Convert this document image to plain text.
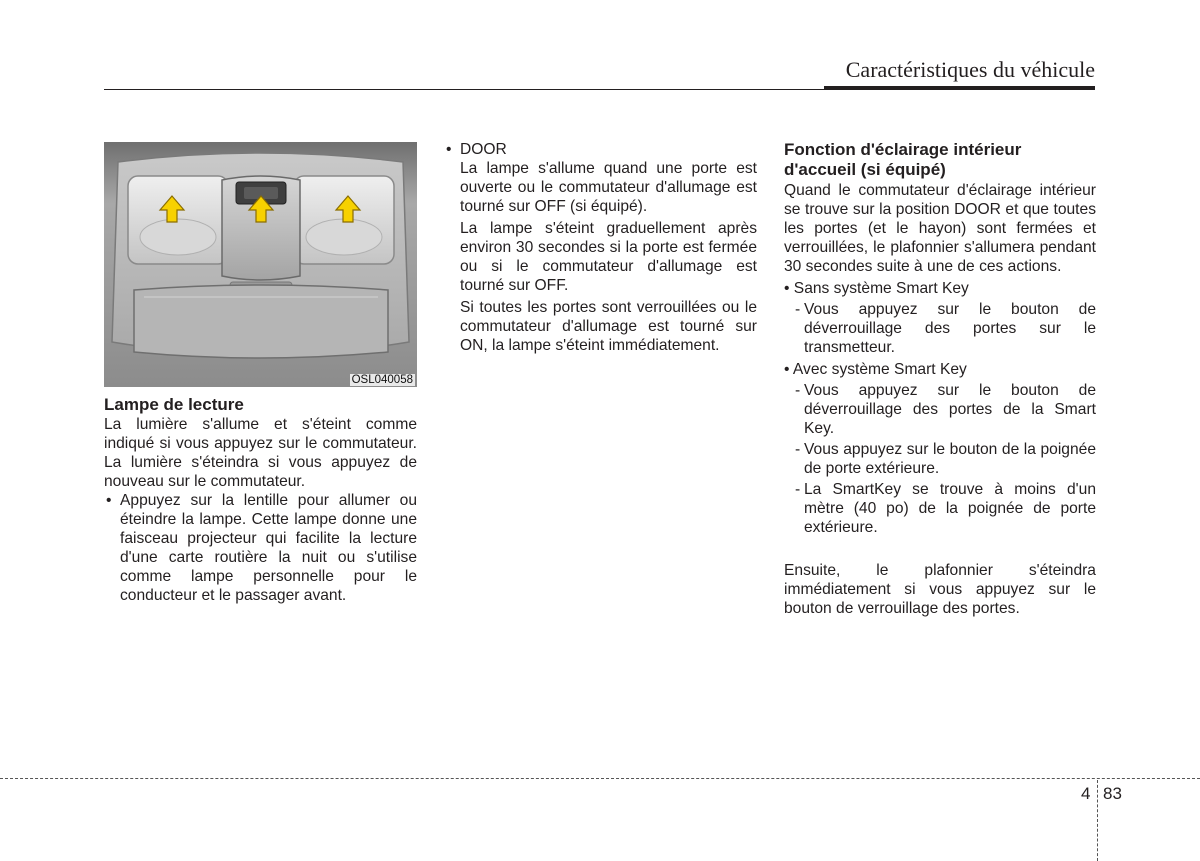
Caractéristiques du véhicule
OSL040058

Lampe de lecture

La lumière s'allume et s'éteint comme indiqué si vous appuyez sur le commutateur. La lumière s'éteindra si vous appuyez de nouveau sur le commutateur.

• Appuyez sur la lentille pour allumer ou éteindre la lampe. Cette lampe donne une faisceau projecteur qui facilite la lecture d'une carte routière la nuit ou s'utilise comme lampe personnelle pour le conducteur et le passager avant.
• DOOR

La lampe s'allume quand une porte est ouverte ou le commutateur d'allumage est tourné sur OFF (si équipé).

La lampe s'éteint graduellement après environ 30 secondes si la porte est fermée ou si le commutateur d'allumage est tourné sur OFF.

Si toutes les portes sont verrouillées ou le commutateur d'allumage est tourné sur ON, la lampe s'éteint immédiatement.

Fonction d'éclairage intérieur d'accueil (si équipé)

Quand le commutateur d'éclairage intérieur se trouve sur la position DOOR et que toutes les portes (et le hayon) sont fermées et verrouillées, le plafonnier s'allumera pendant 30 secondes suite à une de ces actions.

• Sans système Smart Key

- Vous appuyez sur le bouton de déverrouillage des portes sur le transmetteur.

• Avec système Smart Key

- Vous appuyez sur le bouton de déverrouillage des portes de la Smart Key.
- Vous appuyez sur le bouton de la poignée de porte extérieure.
- La SmartKey se trouve à moins d'un mètre (40 po) de la poignée de porte extérieure.

Ensuite, le plafonnier s'éteindra immédiatement si vous appuyez sur le bouton de verrouillage des portes.

4 83
